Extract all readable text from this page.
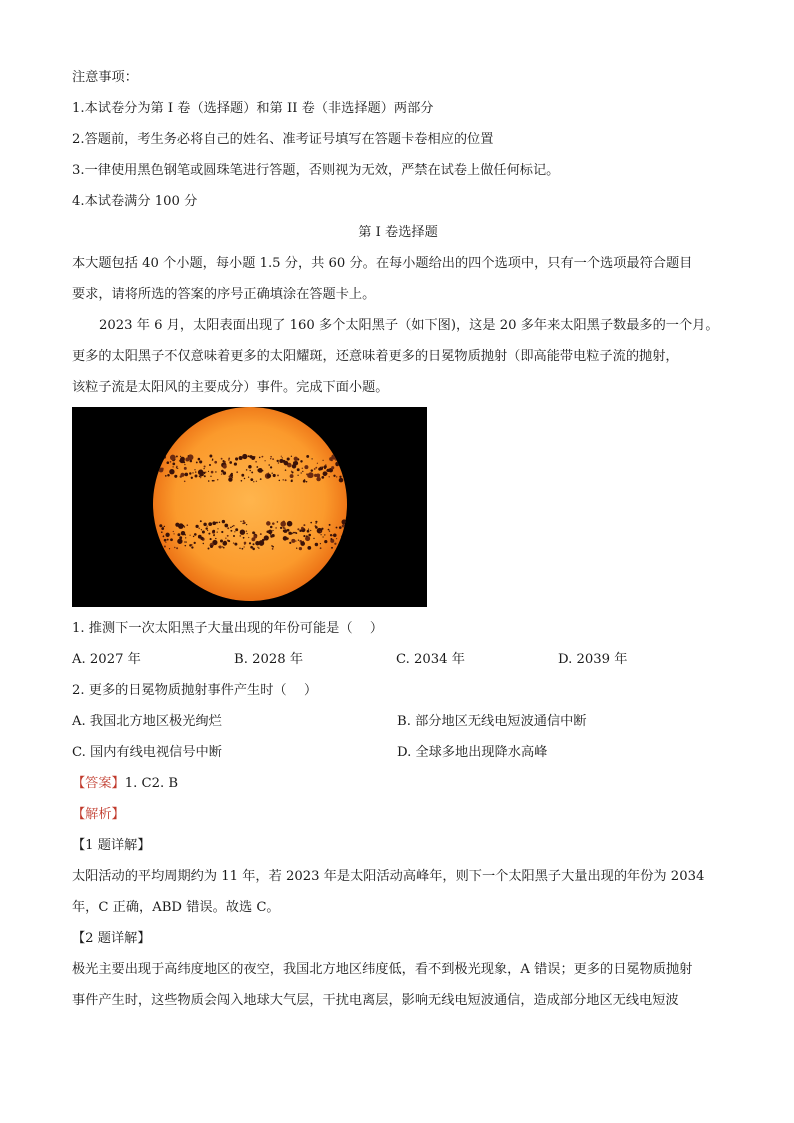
注意事项：
1.本试卷分为第 I 卷（选择题）和第 II 卷（非选择题）两部分
2.答题前，考生务必将自己的姓名、准考证号填写在答题卡卷相应的位置
3.一律使用黑色钢笔或圆珠笔进行答题，否则视为无效，严禁在试卷上做任何标记。
4.本试卷满分 100 分
第 I 卷选择题
本大题包括 40 个小题，每小题 1.5 分，共 60 分。在每小题给出的四个选项中，只有一个选项最符合题目
要求，请将所选的答案的序号正确填涂在答题卡上。
2023 年 6 月，太阳表面出现了 160 多个太阳黑子（如下图)，这是 20 多年来太阳黑子数最多的一个月。
更多的太阳黑子不仅意味着更多的太阳耀斑，还意味着更多的日冕物质抛射（即高能带电粒子流的抛射，
该粒子流是太阳风的主要成分）事件。完成下面小题。
1. 推测下一次太阳黑子大量出现的年份可能是（　 ）
A. 2027 年	B. 2028 年	C. 2034 年	D. 2039 年
2. 更多的日冕物质抛射事件产生时（　 ）
A. 我国北方地区极光绚烂	B. 部分地区无线电短波通信中断
C. 国内有线电视信号中断	D. 全球多地出现降水高峰
【答案】1. C2. B
【解析】
【1 题详解】
太阳活动的平均周期约为 11 年，若 2023 年是太阳活动高峰年，则下一个太阳黑子大量出现的年份为 2034
年，C 正确，ABD 错误。故选 C。
【2 题详解】
极光主要出现于高纬度地区的夜空，我国北方地区纬度低，看不到极光现象，A 错误；更多的日冕物质抛射
事件产生时，这些物质会闯入地球大气层，干扰电离层，影响无线电短波通信，造成部分地区无线电短波
